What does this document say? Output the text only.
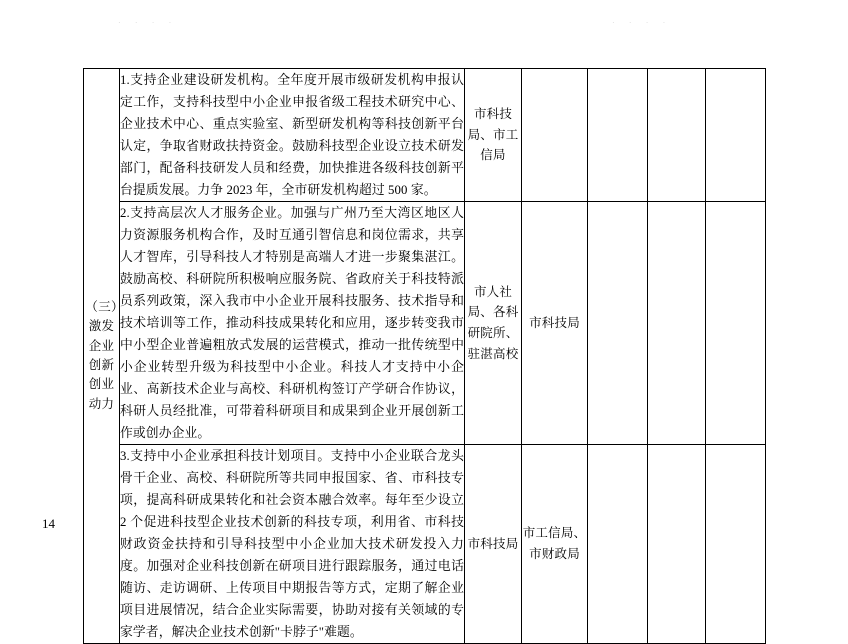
· · · ·	· · · ·
（三）激发企业创新创业动力	1.支持企业建设研发机构。全年度开展市级研发机构申报认定工作，支持科技型中小企业申报省级工程技术研究中心、企业技术中心、重点实验室、新型研发机构等科技创新平台认定，争取省财政扶持资金。鼓励科技型企业设立技术研发部门，配备科技研发人员和经费，加快推进各级科技创新平台提质发展。力争 2023 年，全市研发机构超过 500 家。	市科技局、市工信局				
	2.支持高层次人才服务企业。加强与广州乃至大湾区地区人力资源服务机构合作，及时互通引智信息和岗位需求，共享人才智库，引导科技人才特别是高端人才进一步聚集湛江。鼓励高校、科研院所积极响应服务院、省政府关于科技特派员系列政策，深入我市中小企业开展科技服务、技术指导和技术培训等工作，推动科技成果转化和应用，逐步转变我市中小型企业普遍粗放式发展的运营模式，推动一批传统型中小企业转型升级为科技型中小企业。科技人才支持中小企业、高新技术企业与高校、科研机构签订产学研合作协议，科研人员经批准，可带着科研项目和成果到企业开展创新工作或创办企业。	市人社局、各科研院所、驻湛高校	市科技局			
	3.支持中小企业承担科技计划项目。支持中小企业联合龙头骨干企业、高校、科研院所等共同申报国家、省、市科技专项，提高科研成果转化和社会资本融合效率。每年至少设立 2 个促进科技型企业技术创新的科技专项，利用省、市科技财政资金扶持和引导科技型中小企业加大技术研发投入力度。加强对企业科技创新在研项目进行跟踪服务，通过电话随访、走访调研、上传项目中期报告等方式，定期了解企业项目进展情况，结合企业实际需要，协助对接有关领域的专家学者，解决企业技术创新"卡脖子"难题。	市科技局	市工信局、市财政局			
14
